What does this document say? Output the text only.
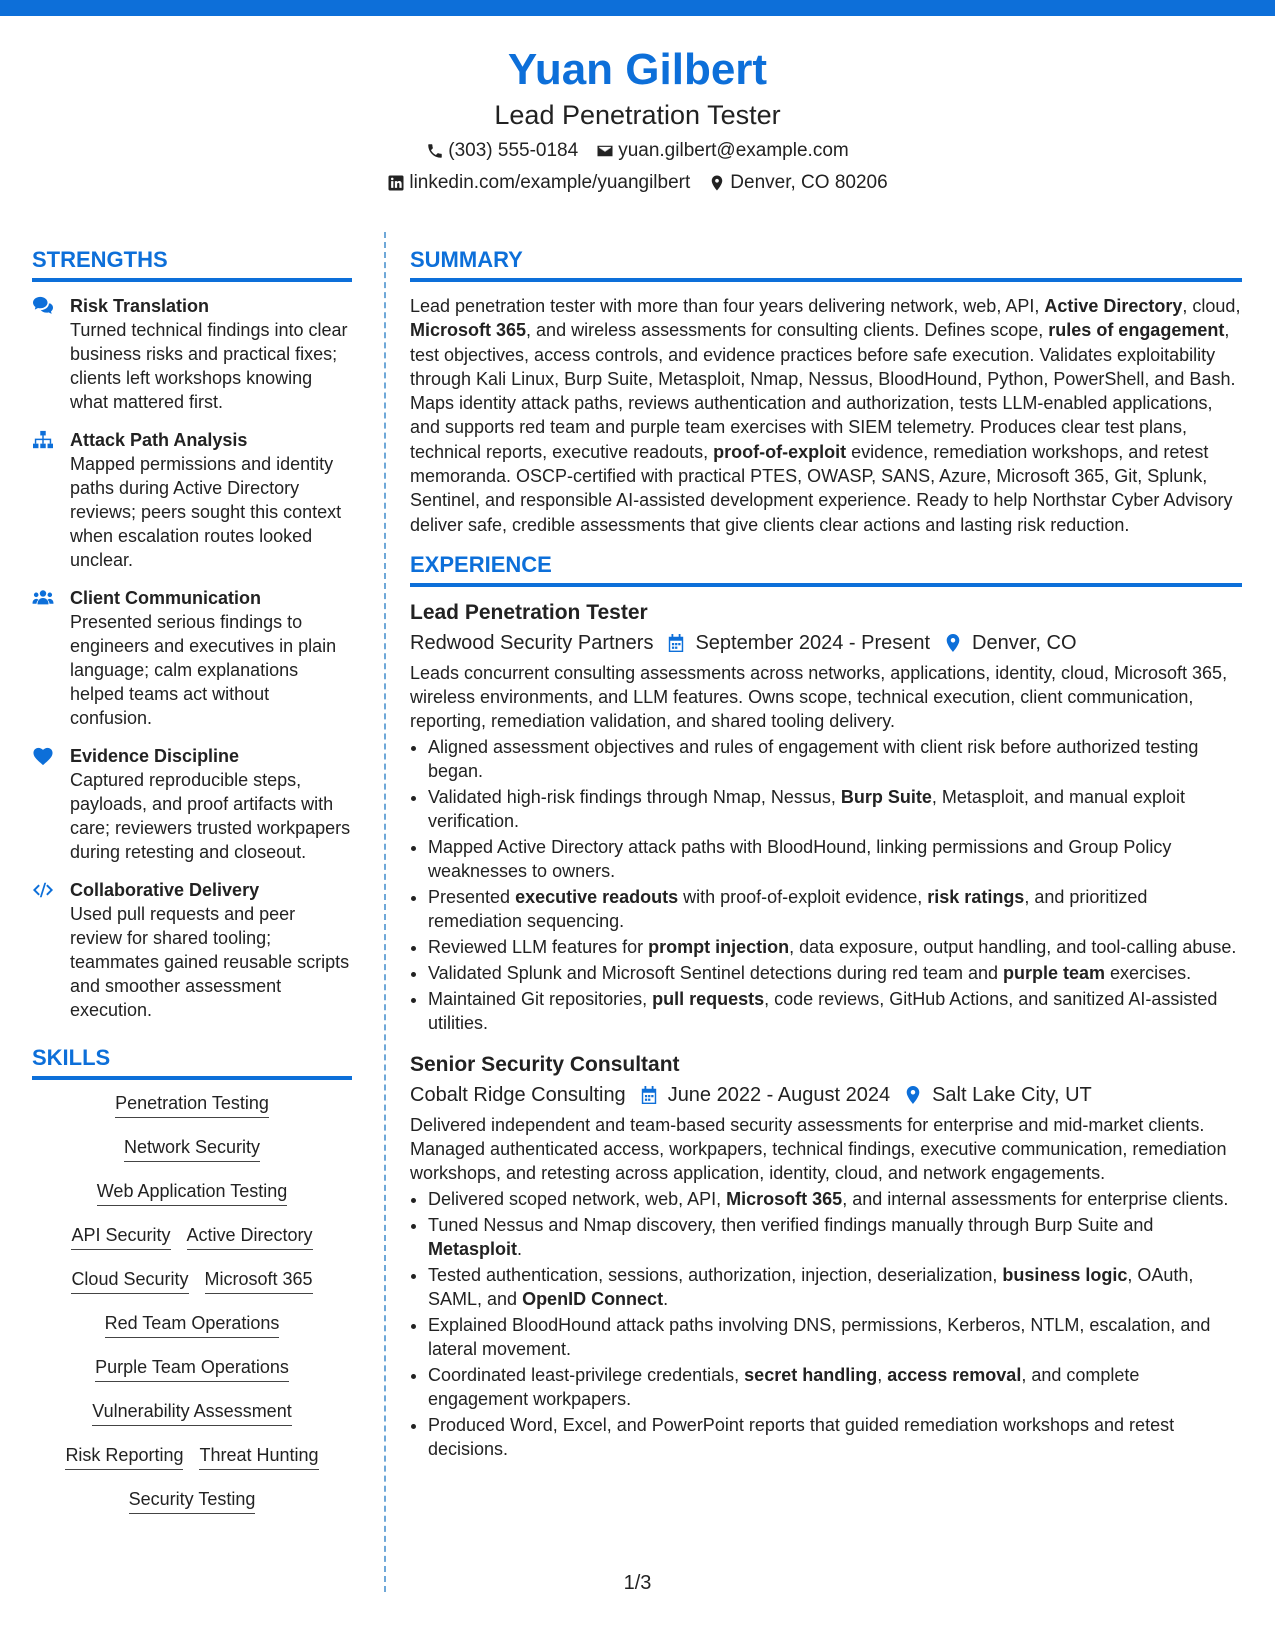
Yuan Gilbert
Lead Penetration Tester
(303) 555-0184 yuan.gilbert@example.com
linkedin.com/example/yuangilbert Denver, CO 80206
STRENGTHS
Risk Translation
Turned technical findings into clear business risks and practical fixes; clients left workshops knowing what mattered first.
Attack Path Analysis
Mapped permissions and identity paths during Active Directory reviews; peers sought this context when escalation routes looked unclear.
Client Communication
Presented serious findings to engineers and executives in plain language; calm explanations helped teams act without confusion.
Evidence Discipline
Captured reproducible steps, payloads, and proof artifacts with care; reviewers trusted workpapers during retesting and closeout.
Collaborative Delivery
Used pull requests and peer review for shared tooling; teammates gained reusable scripts and smoother assessment execution.
SKILLS
Penetration Testing
Network Security
Web Application Testing
API Security Active Directory
Cloud Security Microsoft 365
Red Team Operations
Purple Team Operations
Vulnerability Assessment
Risk Reporting Threat Hunting
Security Testing
SUMMARY
Lead penetration tester with more than four years delivering network, web, API, Active Directory, cloud, Microsoft 365, and wireless assessments for consulting clients. Defines scope, rules of engagement, test objectives, access controls, and evidence practices before safe execution. Validates exploitability through Kali Linux, Burp Suite, Metasploit, Nmap, Nessus, BloodHound, Python, PowerShell, and Bash. Maps identity attack paths, reviews authentication and authorization, tests LLM-enabled applications, and supports red team and purple team exercises with SIEM telemetry. Produces clear test plans, technical reports, executive readouts, proof-of-exploit evidence, remediation workshops, and retest memoranda. OSCP-certified with practical PTES, OWASP, SANS, Azure, Microsoft 365, Git, Splunk, Sentinel, and responsible AI-assisted development experience. Ready to help Northstar Cyber Advisory deliver safe, credible assessments that give clients clear actions and lasting risk reduction.
EXPERIENCE
Lead Penetration Tester
Redwood Security Partners September 2024 - Present Denver, CO
Leads concurrent consulting assessments across networks, applications, identity, cloud, Microsoft 365, wireless environments, and LLM features. Owns scope, technical execution, client communication, reporting, remediation validation, and shared tooling delivery.
• Aligned assessment objectives and rules of engagement with client risk before authorized testing began.
• Validated high-risk findings through Nmap, Nessus, Burp Suite, Metasploit, and manual exploit verification.
• Mapped Active Directory attack paths with BloodHound, linking permissions and Group Policy weaknesses to owners.
• Presented executive readouts with proof-of-exploit evidence, risk ratings, and prioritized remediation sequencing.
• Reviewed LLM features for prompt injection, data exposure, output handling, and tool-calling abuse.
• Validated Splunk and Microsoft Sentinel detections during red team and purple team exercises.
• Maintained Git repositories, pull requests, code reviews, GitHub Actions, and sanitized AI-assisted utilities.
Senior Security Consultant
Cobalt Ridge Consulting June 2022 - August 2024 Salt Lake City, UT
Delivered independent and team-based security assessments for enterprise and mid-market clients. Managed authenticated access, workpapers, technical findings, executive communication, remediation workshops, and retesting across application, identity, cloud, and network engagements.
• Delivered scoped network, web, API, Microsoft 365, and internal assessments for enterprise clients.
• Tuned Nessus and Nmap discovery, then verified findings manually through Burp Suite and Metasploit.
• Tested authentication, sessions, authorization, injection, deserialization, business logic, OAuth, SAML, and OpenID Connect.
• Explained BloodHound attack paths involving DNS, permissions, Kerberos, NTLM, escalation, and lateral movement.
• Coordinated least-privilege credentials, secret handling, access removal, and complete engagement workpapers.
• Produced Word, Excel, and PowerPoint reports that guided remediation workshops and retest decisions.
1/3
